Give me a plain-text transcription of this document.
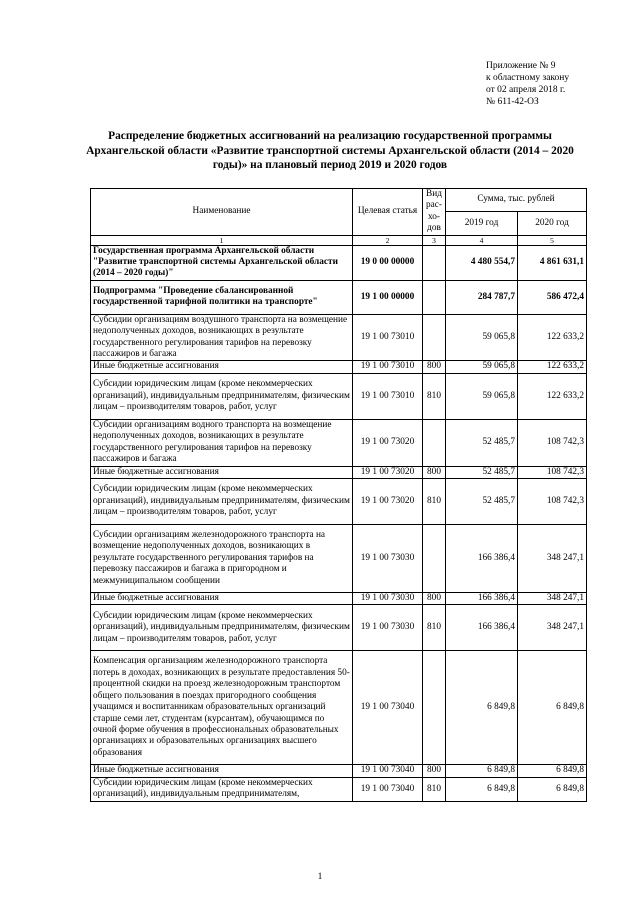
Приложение № 9
к областному закону
от 02 апреля 2018 г.
№ 611-42-ОЗ
Распределение бюджетных ассигнований на реализацию государственной программы Архангельской области «Развитие транспортной системы Архангельской области (2014 – 2020 годы)» на плановый период 2019 и 2020 годов
Наименование	Целевая статья	Вид рас-хо-дов	Сумма, тыс. рублей	
			2019 год	2020 год
1	2	3	4	5
Государственная программа Архангельской области "Развитие транспортной системы Архангельской области (2014 – 2020 годы)"	19 0 00 00000		4 480 554,7	4 861 631,1
Подпрограмма "Проведение сбалансированной государственной тарифной политики на транспорте"	19 1 00 00000		284 787,7	586 472,4
Субсидии организациям воздушного транспорта на возмещение недополученных доходов, возникающих в результате государственного регулирования тарифов на перевозку пассажиров и багажа	19 1 00 73010		59 065,8	122 633,2
Иные бюджетные ассигнования	19 1 00 73010	800	59 065,8	122 633,2
Субсидии юридическим лицам (кроме некоммерческих организаций), индивидуальным предпринимателям, физическим лицам – производителям товаров, работ, услуг	19 1 00 73010	810	59 065,8	122 633,2
Субсидии организациям водного транспорта на возмещение недополученных доходов, возникающих в результате государственного регулирования тарифов на перевозку пассажиров и багажа	19 1 00 73020		52 485,7	108 742,3
Иные бюджетные ассигнования	19 1 00 73020	800	52 485,7	108 742,3
Субсидии юридическим лицам (кроме некоммерческих организаций), индивидуальным предпринимателям, физическим лицам – производителям товаров, работ, услуг	19 1 00 73020	810	52 485,7	108 742,3
Субсидии организациям железнодорожного транспорта на возмещение недополученных доходов, возникающих в результате государственного регулирования тарифов на перевозку пассажиров и багажа в пригородном и межмуниципальном сообщении	19 1 00 73030		166 386,4	348 247,1
Иные бюджетные ассигнования	19 1 00 73030	800	166 386,4	348 247,1
Субсидии юридическим лицам (кроме некоммерческих организаций), индивидуальным предпринимателям, физическим лицам – производителям товаров, работ, услуг	19 1 00 73030	810	166 386,4	348 247,1
Компенсация организациям железнодорожного транспорта потерь в доходах, возникающих в результате предоставления 50-процентной скидки на проезд железнодорожным транспортом общего пользования в поездах пригородного сообщения учащимся и воспитанникам образовательных организаций старше семи лет, студентам (курсантам), обучающимся по очной форме обучения в профессиональных образовательных организациях и образовательных организациях высшего образования	19 1 00 73040		6 849,8	6 849,8
Иные бюджетные ассигнования	19 1 00 73040	800	6 849,8	6 849,8
Субсидии юридическим лицам (кроме некоммерческих организаций), индивидуальным предпринимателям,	19 1 00 73040	810	6 849,8	6 849,8
1
